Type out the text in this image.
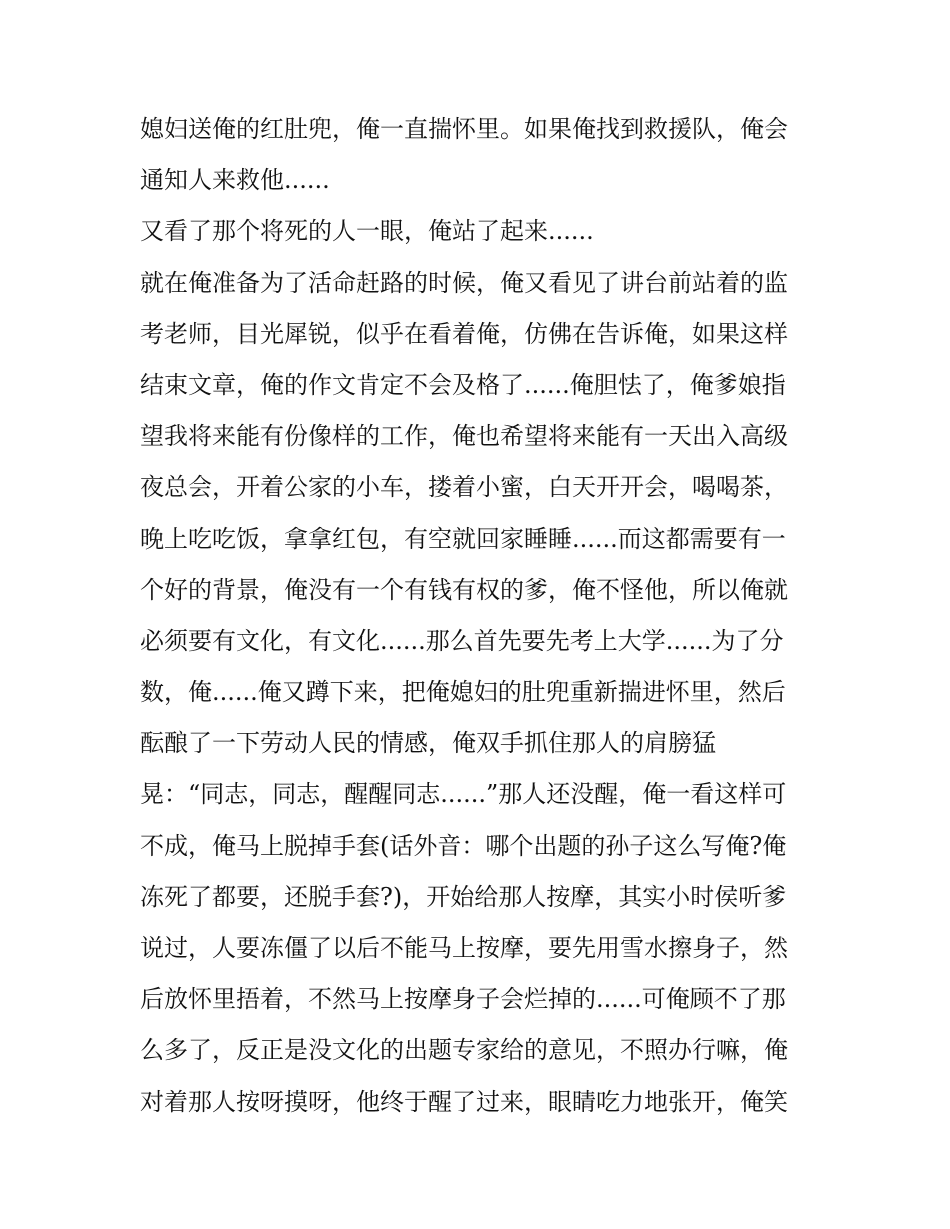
媳妇送俺的红肚兜，俺一直揣怀里。如果俺找到救援队，俺会
通知人来救他......
又看了那个将死的人一眼，俺站了起来......
就在俺准备为了活命赶路的时候，俺又看见了讲台前站着的监
考老师，目光犀锐，似乎在看着俺，仿佛在告诉俺，如果这样
结束文章，俺的作文肯定不会及格了......俺胆怯了，俺爹娘指
望我将来能有份像样的工作，俺也希望将来能有一天出入高级
夜总会，开着公家的小车，搂着小蜜，白天开开会，喝喝茶，
晚上吃吃饭，拿拿红包，有空就回家睡睡......而这都需要有一
个好的背景，俺没有一个有钱有权的爹，俺不怪他，所以俺就
必须要有文化，有文化......那么首先要先考上大学......为了分
数，俺......俺又蹲下来，把俺媳妇的肚兜重新揣进怀里，然后
酝酿了一下劳动人民的情感，俺双手抓住那人的肩膀猛
晃：“同志，同志，醒醒同志......”那人还没醒，俺一看这样可
不成，俺马上脱掉手套(话外音：哪个出题的孙子这么写俺?俺
冻死了都要，还脱手套?)，开始给那人按摩，其实小时侯听爹
说过，人要冻僵了以后不能马上按摩，要先用雪水擦身子，然
后放怀里捂着，不然马上按摩身子会烂掉的......可俺顾不了那
么多了，反正是没文化的出题专家给的意见，不照办行嘛，俺
对着那人按呀摸呀，他终于醒了过来，眼睛吃力地张开，俺笑
